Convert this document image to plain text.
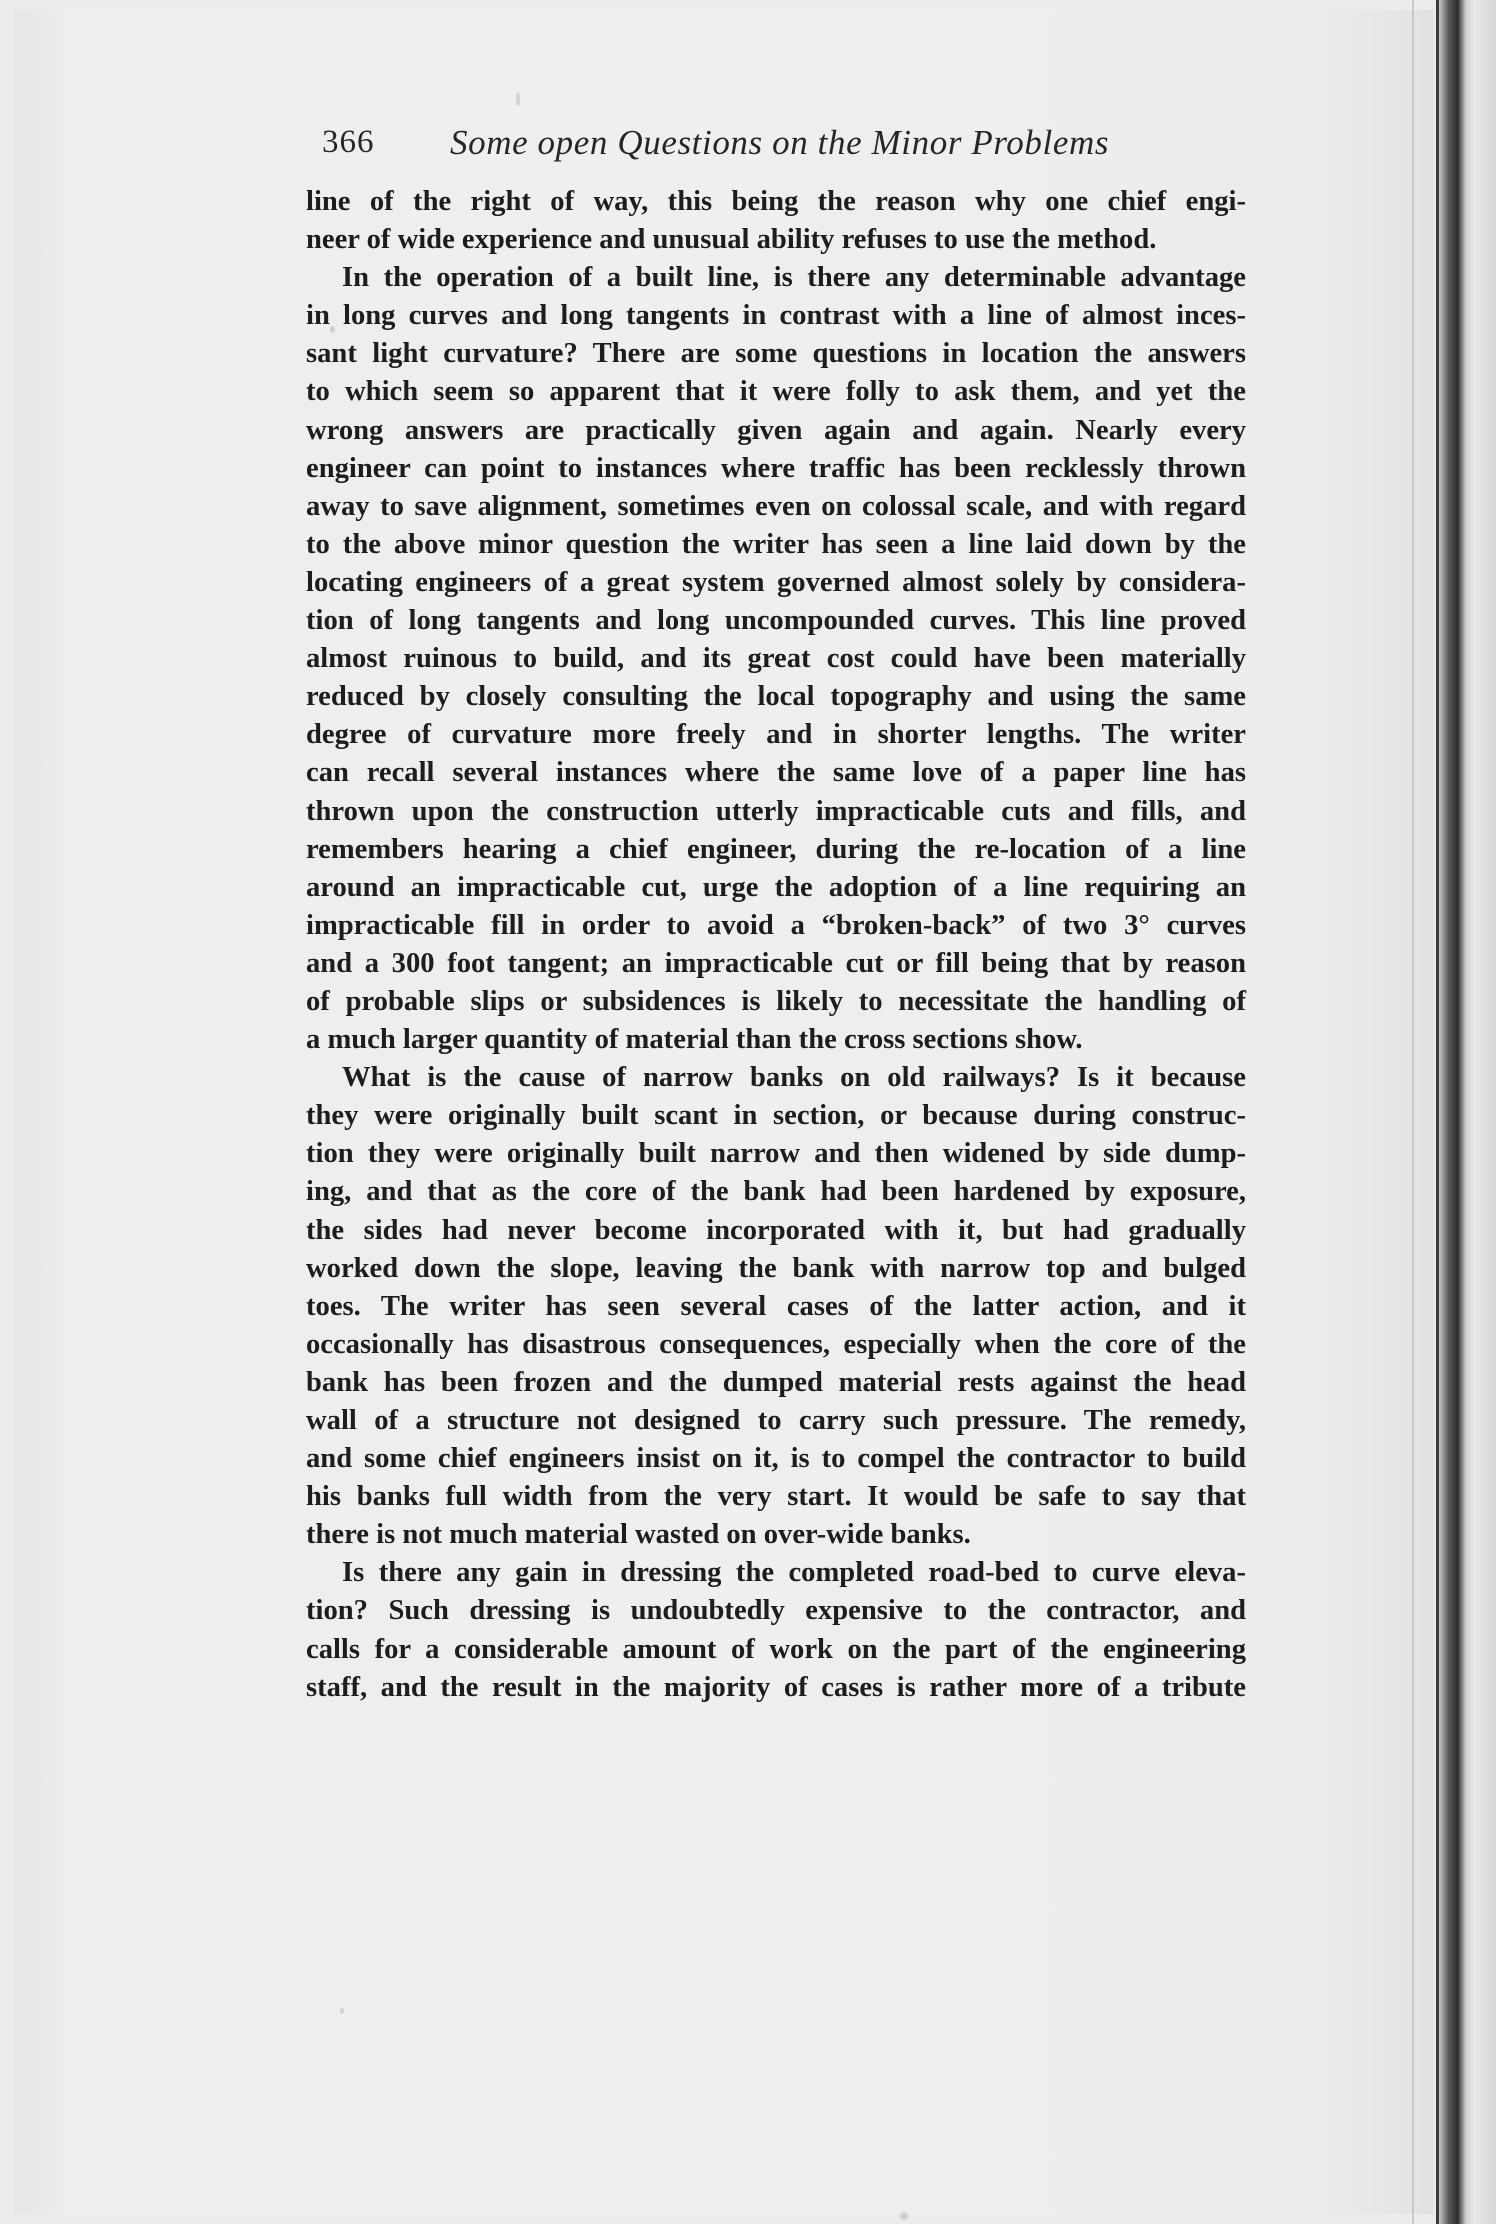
366 Some open Questions on the Minor Problems
line of the right of way, this being the reason why one chief engi-
neer of wide experience and unusual ability refuses to use the method.
In the operation of a built line, is there any determinable advantage
in long curves and long tangents in contrast with a line of almost inces-
sant light curvature? There are some questions in location the answers
to which seem so apparent that it were folly to ask them, and yet the
wrong answers are practically given again and again. Nearly every
engineer can point to instances where traffic has been recklessly thrown
away to save alignment, sometimes even on colossal scale, and with regard
to the above minor question the writer has seen a line laid down by the
locating engineers of a great system governed almost solely by considera-
tion of long tangents and long uncompounded curves. This line proved
almost ruinous to build, and its great cost could have been materially
reduced by closely consulting the local topography and using the same
degree of curvature more freely and in shorter lengths. The writer
can recall several instances where the same love of a paper line has
thrown upon the construction utterly impracticable cuts and fills, and
remembers hearing a chief engineer, during the re-location of a line
around an impracticable cut, urge the adoption of a line requiring an
impracticable fill in order to avoid a “broken-back” of two 3° curves
and a 300 foot tangent; an impracticable cut or fill being that by reason
of probable slips or subsidences is likely to necessitate the handling of
a much larger quantity of material than the cross sections show.
What is the cause of narrow banks on old railways? Is it because
they were originally built scant in section, or because during construc-
tion they were originally built narrow and then widened by side dump-
ing, and that as the core of the bank had been hardened by exposure,
the sides had never become incorporated with it, but had gradually
worked down the slope, leaving the bank with narrow top and bulged
toes. The writer has seen several cases of the latter action, and it
occasionally has disastrous consequences, especially when the core of the
bank has been frozen and the dumped material rests against the head
wall of a structure not designed to carry such pressure. The remedy,
and some chief engineers insist on it, is to compel the contractor to build
his banks full width from the very start. It would be safe to say that
there is not much material wasted on over-wide banks.
Is there any gain in dressing the completed road-bed to curve eleva-
tion? Such dressing is undoubtedly expensive to the contractor, and
calls for a considerable amount of work on the part of the engineering
staff, and the result in the majority of cases is rather more of a tribute
